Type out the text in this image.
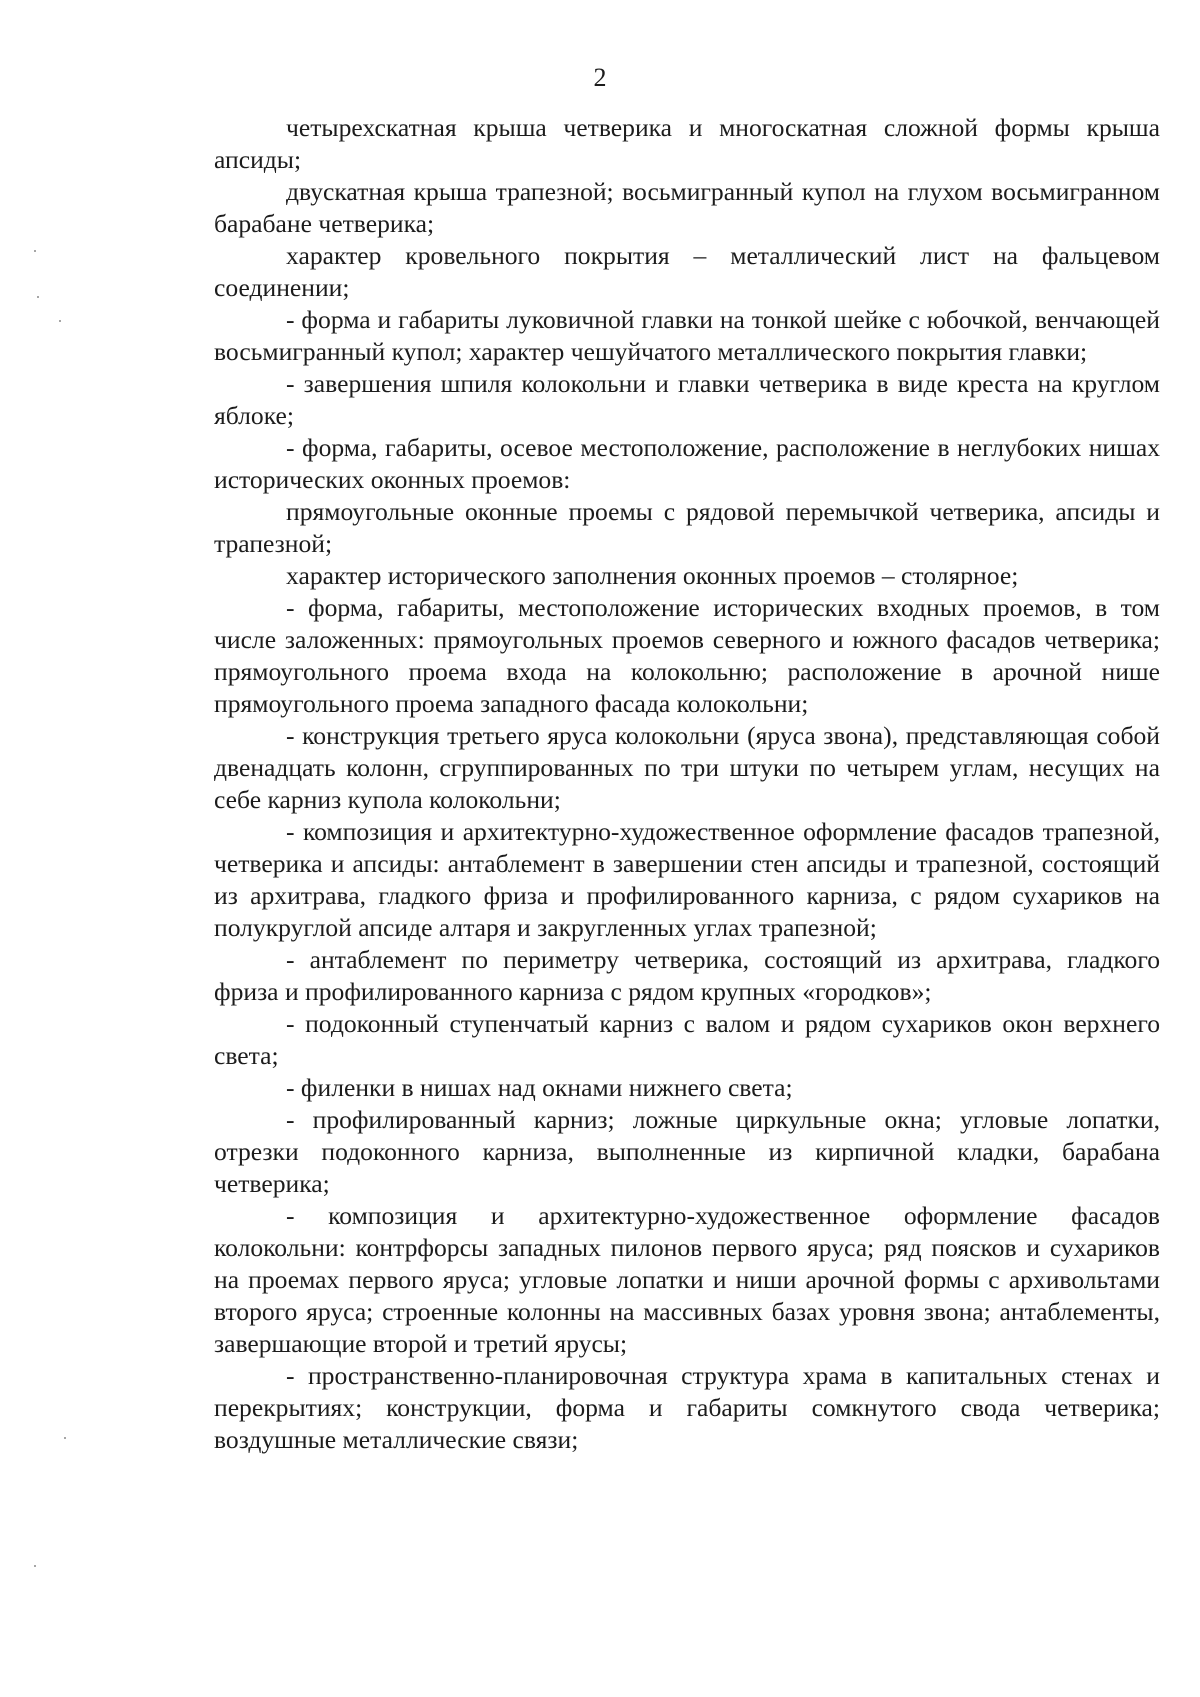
2

четырехскатная крыша четверика и многоскатная сложной формы крыша апсиды;

двускатная крыша трапезной; восьмигранный купол на глухом восьмигранном барабане четверика;

характер кровельного покрытия – металлический лист на фальцевом соединении;

- форма и габариты луковичной главки на тонкой шейке с юбочкой, венчающей восьмигранный купол; характер чешуйчатого металлического покрытия главки;

- завершения шпиля колокольни и главки четверика в виде креста на круглом яблоке;

- форма, габариты, осевое местоположение, расположение в неглубоких нишах исторических оконных проемов:

прямоугольные оконные проемы с рядовой перемычкой четверика, апсиды и трапезной;

характер исторического заполнения оконных проемов – столярное;

- форма, габариты, местоположение исторических входных проемов, в том числе заложенных: прямоугольных проемов северного и южного фасадов четверика; прямоугольного проема входа на колокольню; расположение в арочной нише прямоугольного проема западного фасада колокольни;

- конструкция третьего яруса колокольни (яруса звона), представляющая собой двенадцать колонн, сгруппированных по три штуки по четырем углам, несущих на себе карниз купола колокольни;

- композиция и архитектурно-художественное оформление фасадов трапезной, четверика и апсиды: антаблемент в завершении стен апсиды и трапезной, состоящий из архитрава, гладкого фриза и профилированного карниза, с рядом сухариков на полукруглой апсиде алтаря и закругленных углах трапезной;

- антаблемент по периметру четверика, состоящий из архитрава, гладкого фриза и профилированного карниза с рядом крупных «городков»;

- подоконный ступенчатый карниз с валом и рядом сухариков окон верхнего света;

- филенки в нишах над окнами нижнего света;

- профилированный карниз; ложные циркульные окна; угловые лопатки, отрезки подоконного карниза, выполненные из кирпичной кладки, барабана четверика;

- композиция и архитектурно-художественное оформление фасадов колокольни: контрфорсы западных пилонов первого яруса; ряд поясков и сухариков на проемах первого яруса; угловые лопатки и ниши арочной формы с архивольтами второго яруса; строенные колонны на массивных базах уровня звона; антаблементы, завершающие второй и третий ярусы;

- пространственно-планировочная структура храма в капитальных стенах и перекрытиях; конструкции, форма и габариты сомкнутого свода четверика; воздушные металлические связи;
